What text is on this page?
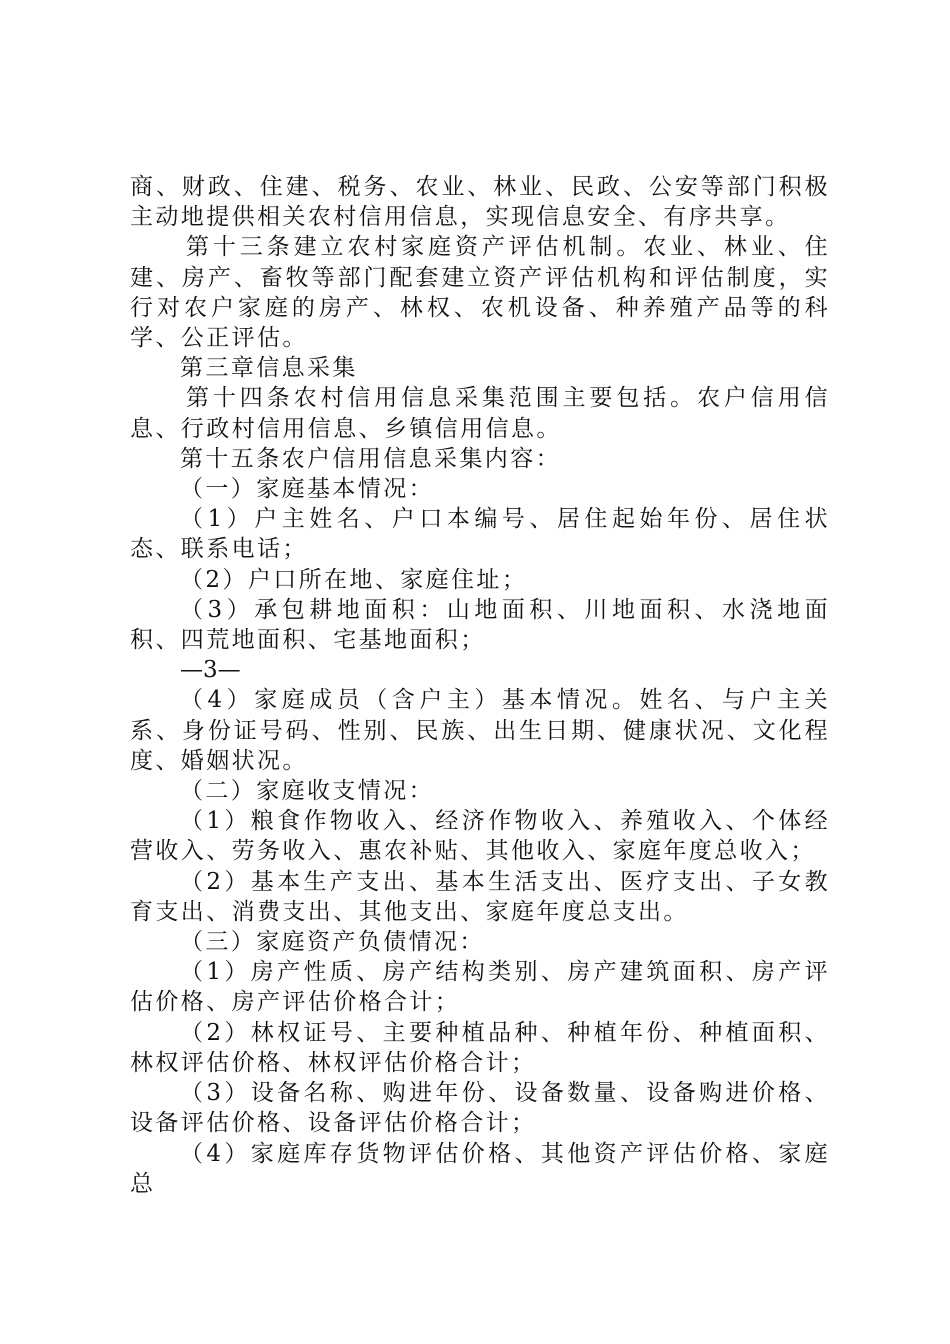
商、财政、住建、税务、农业、林业、民政、公安等部门积极主动地提供相关农村信用信息，实现信息安全、有序共享。

第十三条建立农村家庭资产评估机制。农业、林业、住建、房产、畜牧等部门配套建立资产评估机构和评估制度，实行对农户家庭的房产、林权、农机设备、种养殖产品等的科学、公正评估。

第三章信息采集

第十四条农村信用信息采集范围主要包括。农户信用信息、行政村信用信息、乡镇信用信息。

第十五条农户信用信息采集内容：

（一）家庭基本情况：

（1）户主姓名、户口本编号、居住起始年份、居住状态、联系电话；

（2）户口所在地、家庭住址；

（3）承包耕地面积：山地面积、川地面积、水浇地面积、四荒地面积、宅基地面积；

—3—

（4）家庭成员（含户主）基本情况。姓名、与户主关系、身份证号码、性别、民族、出生日期、健康状况、文化程度、婚姻状况。

（二）家庭收支情况：

（1）粮食作物收入、经济作物收入、养殖收入、个体经营收入、劳务收入、惠农补贴、其他收入、家庭年度总收入；

（2）基本生产支出、基本生活支出、医疗支出、子女教育支出、消费支出、其他支出、家庭年度总支出。

（三）家庭资产负债情况：

（1）房产性质、房产结构类别、房产建筑面积、房产评估价格、房产评估价格合计；

（2）林权证号、主要种植品种、种植年份、种植面积、林权评估价格、林权评估价格合计；

（3）设备名称、购进年份、设备数量、设备购进价格、设备评估价格、设备评估价格合计；

（4）家庭库存货物评估价格、其他资产评估价格、家庭总
